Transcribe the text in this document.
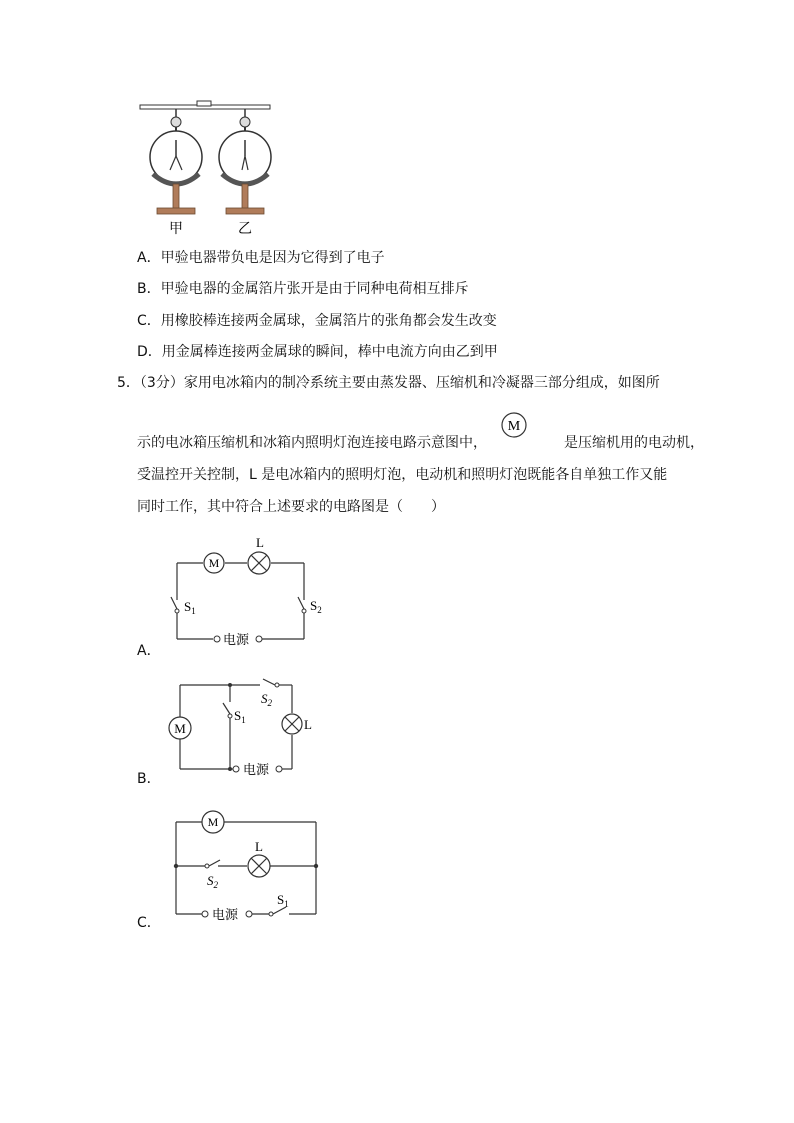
甲	乙
A．甲验电器带负电是因为它得到了电子
B．甲验电器的金属箔片张开是由于同种电荷相互排斥
C．用橡胶棒连接两金属球，金属箔片的张角都会发生改变
D．用金属棒连接两金属球的瞬间，棒中电流方向由乙到甲
5．（3分）家用电冰箱内的制冷系统主要由蒸发器、压缩机和冷凝器三部分组成，如图所
示的电冰箱压缩机和冰箱内照明灯泡连接电路示意图中，
M
是压缩机用的电动机，
受温控开关控制，L 是电冰箱内的照明灯泡，电动机和照明灯泡既能各自单独工作又能
同时工作，其中符合上述要求的电路图是（　　）
M
L
$S_1$	$S_2$
电源
A．
M
$S_1$
$S_2$
L
电源
B．
M
$S_2$
L
电源
$S_1$
C．
